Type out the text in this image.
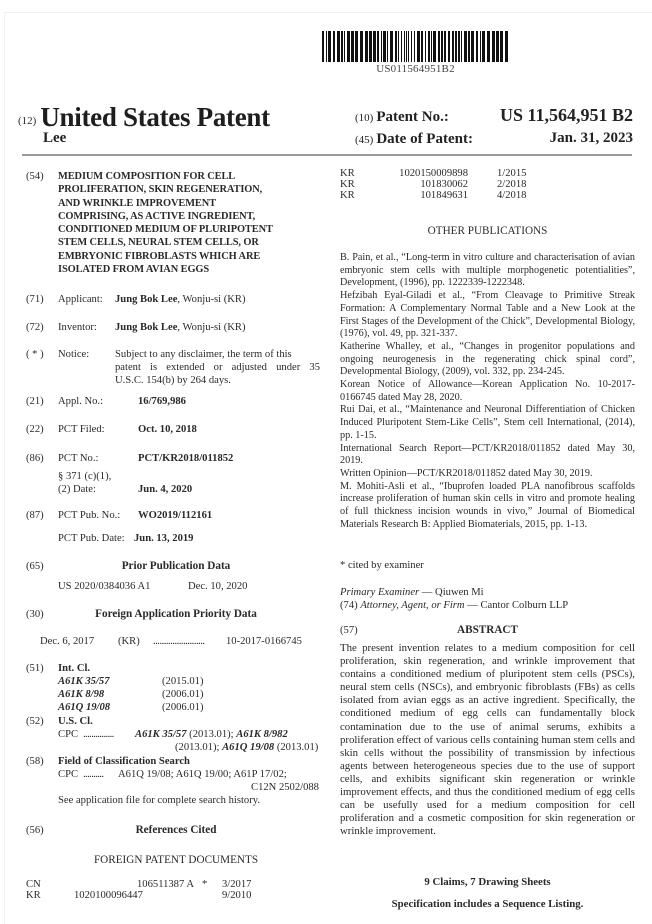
US011564951B2
(12) United States Patent
Lee
(10) Patent No.:	US 11,564,951 B2
(45) Date of Patent:	Jan. 31, 2023
(54) MEDIUM COMPOSITION FOR CELL
PROLIFERATION, SKIN REGENERATION,
AND WRINKLE IMPROVEMENT
COMPRISING, AS ACTIVE INGREDIENT,
CONDITIONED MEDIUM OF PLURIPOTENT
STEM CELLS, NEURAL STEM CELLS, OR
EMBRYONIC FIBROBLASTS WHICH ARE
ISOLATED FROM AVIAN EGGS
(71) Applicant: Jung Bok Lee, Wonju-si (KR)
(72) Inventor: Jung Bok Lee, Wonju-si (KR)
( * ) Notice: Subject to any disclaimer, the term of this
patent is extended or adjusted under 35
U.S.C. 154(b) by 264 days.
(21) Appl. No.:	16/769,986
(22) PCT Filed:	Oct. 10, 2018
(86) PCT No.:	PCT/KR2018/011852
§ 371 (c)(1),
(2) Date:	Jun. 4, 2020
(87) PCT Pub. No.: WO2019/112161
PCT Pub. Date: Jun. 13, 2019
(65)	Prior Publication Data
US 2020/0384036 A1	Dec. 10, 2020
(30)	Foreign Application Priority Data
Dec. 6, 2017 (KR) ........................ 10-2017-0166745
(51) Int. Cl.
A61K 35/57	(2015.01)
A61K 8/98	(2006.01)
A61Q 19/08	(2006.01)
(52) U.S. Cl.
CPC ............... A61K 35/57 (2013.01); A61K 8/982
(2013.01); A61Q 19/08 (2013.01)
(58) Field of Classification Search
CPC .......... A61Q 19/08; A61Q 19/00; A61P 17/02;
C12N 2502/088
See application file for complete search history.
(56)	References Cited
FOREIGN PATENT DOCUMENTS
CN	106511387 A * 3/2017
KR	1020100096447	9/2010
KR	1020150009898	1/2015
KR	101830062	2/2018
KR	101849631	4/2018
OTHER PUBLICATIONS

B. Pain, et al., “Long-term in vitro culture and characterisation of avian embryonic stem cells with multiple morphogenetic potentialities”, Development, (1996), pp. 1222339-1222348.

Hefzibah Eyal-Giladi et al., “From Cleavage to Primitive Streak Formation: A Complementary Normal Table and a New Look at the First Stages of the Development of the Chick”, Developmental Biology, (1976), vol. 49, pp. 321-337.

Katherine Whalley, et al., “Changes in progenitor populations and ongoing neurogenesis in the regenerating chick spinal cord”, Developmental Biology, (2009), vol. 332, pp. 234-245.

Korean Notice of Allowance—Korean Application No. 10-2017-0166745 dated May 28, 2020.

Rui Dai, et al., “Maintenance and Neuronal Differentiation of Chicken Induced Pluripotent Stem-Like Cells”, Stem cell International, (2014), pp. 1-15.

International Search Report—PCT/KR2018/011852 dated May 30, 2019.

Written Opinion—PCT/KR2018/011852 dated May 30, 2019.

M. Mohiti-Asli et al., “Ibuprofen loaded PLA nanofibrous scaffolds increase proliferation of human skin cells in vitro and promote healing of full thickness incision wounds in vivo,” Journal of Biomedical Materials Research B: Applied Biomaterials, 2015, pp. 1-13.

* cited by examiner
Primary Examiner — Qiuwen Mi
(74) Attorney, Agent, or Firm — Cantor Colburn LLP
(57)	ABSTRACT
The present invention relates to a medium composition for cell proliferation, skin regeneration, and wrinkle improvement that contains a conditioned medium of pluripotent stem cells (PSCs), neural stem cells (NSCs), and embryonic fibroblasts (FBs) as cells isolated from avian eggs as an active ingredient. Specifically, the conditioned medium of egg cells can fundamentally block contamination due to the use of animal serums, exhibits a proliferation effect of various cells containing human stem cells and skin cells without the possibility of transmission by infectious agents between heterogeneous species due to the use of support cells, and exhibits significant skin regeneration or wrinkle improvement effects, and thus the conditioned medium of egg cells can be usefully used for a medium composition for cell proliferation and a cosmetic composition for skin regeneration or wrinkle improvement.
9 Claims, 7 Drawing Sheets
Specification includes a Sequence Listing.
